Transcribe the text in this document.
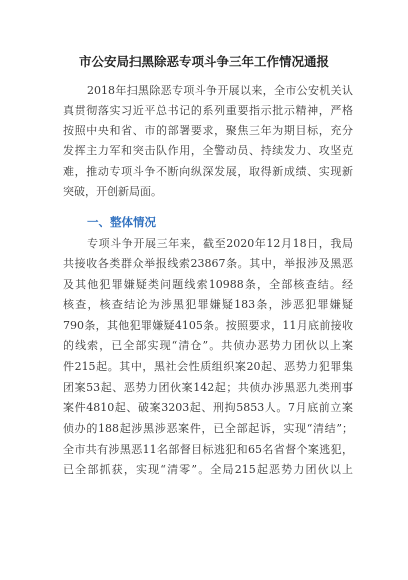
市公安局扫黑除恶专项斗争三年工作情况通报
2018年扫黑除恶专项斗争开展以来，全市公安机关认
真贯彻落实习近平总书记的系列重要指示批示精神，严格
按照中央和省、市的部署要求，聚焦三年为期目标，充分
发挥主力军和突击队作用，全警动员、持续发力、攻坚克
难，推动专项斗争不断向纵深发展，取得新成绩、实现新
突破，开创新局面。
一、整体情况
专项斗争开展三年来，截至2020年12月18日，我局
共接收各类群众举报线索23867条。其中，举报涉及黑恶
及其他犯罪嫌疑类问题线索10988条，全部核查结。经
核查，核查结论为涉黑犯罪嫌疑183条，涉恶犯罪嫌疑
790条，其他犯罪嫌疑4105条。按照要求，11月底前接收
的线索，已全部实现“清仓”。共侦办恶势力团伙以上案
件215起。其中，黑社会性质组织案20起、恶势力犯罪集
团案53起、恶势力团伙案142起；共侦办涉黑恶九类刑事
案件4810起、破案3203起、刑拘5853人。7月底前立案
侦办的188起涉黑涉恶案件，已全部起诉，实现“清结”；
全市共有涉黑恶11名部督目标逃犯和65名省督个案逃犯，
已全部抓获，实现“清零”。全局215起恶势力团伙以上
